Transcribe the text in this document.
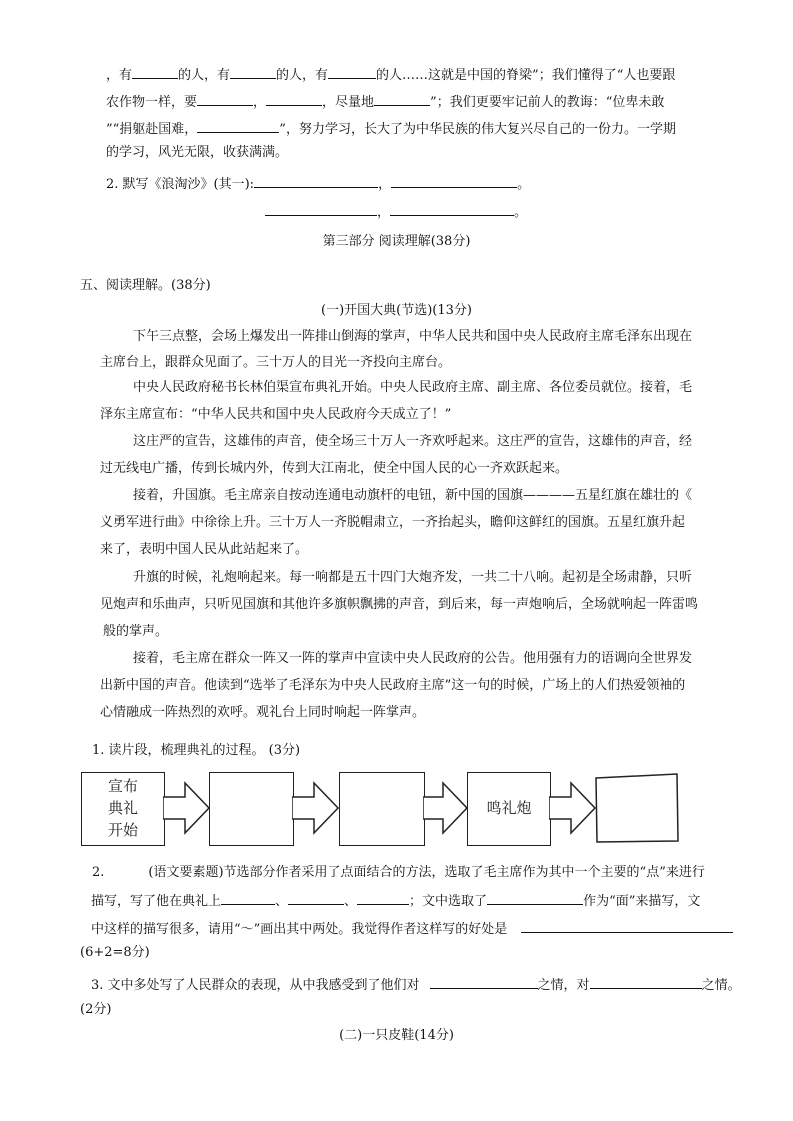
，有	的人，有	的人，有	的人……这就是中国的脊梁”；我们懂得了“人也要跟
农作物一样，要	，	，尽量地	”；我们更要牢记前人的教诲：“位卑未敢
”“捐躯赴国难，	”，努力学习，长大了为中华民族的伟大复兴尽自己的一份力。一学期
的学习，风光无限，收获满满。
2. 默写《浪淘沙》(其一):	，	。
，	。
第三部分 阅读理解(38分)
五、阅读理解。(38分)
(一)开国大典(节选)(13分)
下午三点整，会场上爆发出一阵排山倒海的掌声，中华人民共和国中央人民政府主席毛泽东出现在
主席台上，跟群众见面了。三十万人的目光一齐投向主席台。
中央人民政府秘书长林伯渠宣布典礼开始。中央人民政府主席、副主席、各位委员就位。接着，毛
泽东主席宣布：“中华人民共和国中央人民政府今天成立了！”
这庄严的宣告，这雄伟的声音，使全场三十万人一齐欢呼起来。这庄严的宣告，这雄伟的声音，经
过无线电广播，传到长城内外，传到大江南北，使全中国人民的心一齐欢跃起来。
接着，升国旗。毛主席亲自按动连通电动旗杆的电钮，新中国的国旗————五星红旗在雄壮的《
义勇军进行曲》中徐徐上升。三十万人一齐脱帽肃立，一齐抬起头，瞻仰这鲜红的国旗。五星红旗升起
来了，表明中国人民从此站起来了。
升旗的时候，礼炮响起来。每一响都是五十四门大炮齐发，一共二十八响。起初是全场肃静，只听
见炮声和乐曲声，只听见国旗和其他许多旗帜飘拂的声音，到后来，每一声炮响后，全场就响起一阵雷鸣
般的掌声。
接着，毛主席在群众一阵又一阵的掌声中宣读中央人民政府的公告。他用强有力的语调向全世界发
出新中国的声音。他读到“选举了毛泽东为中央人民政府主席”这一句的时候，广场上的人们热爱领袖的
心情融成一阵热烈的欢呼。观礼台上同时响起一阵掌声。
1. 读片段，梳理典礼的过程。 (3分)
宣布
典礼
开始
鸣礼炮
2.	(语文要素题)节选部分作者采用了点面结合的方法，选取了毛主席作为其中一个主要的“点”来进行
描写，写了他在典礼上	、	、	；文中选取了	作为“面”来描写，文
中这样的描写很多，请用“～”画出其中两处。我觉得作者这样写的好处是
(6+2=8分)
3. 文中多处写了人民群众的表现，从中我感受到了他们对	之情，对	之情。
(2分)
(二)一只皮鞋(14分)
